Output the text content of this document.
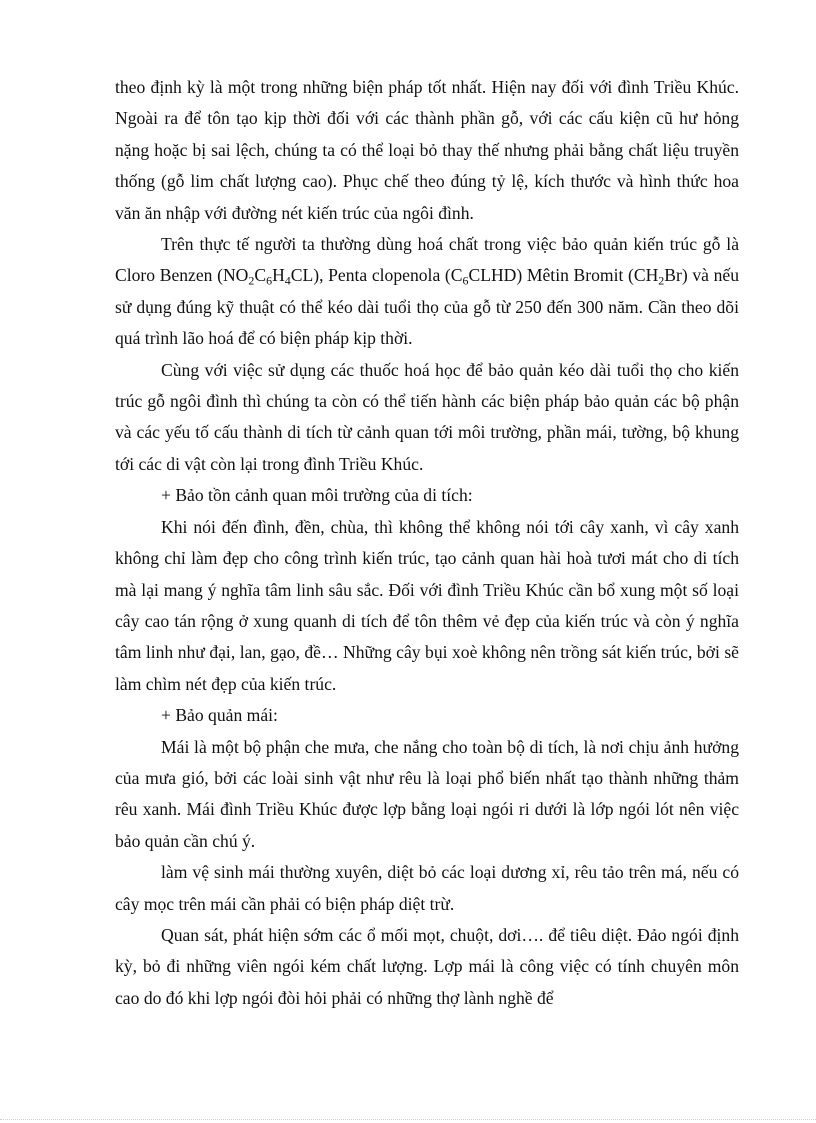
theo định kỳ là một trong những biện pháp tốt nhất. Hiện nay đối với đình Triều Khúc. Ngoài ra để tôn tạo kịp thời đối với các thành phần gỗ, với các cấu kiện cũ hư hỏng nặng hoặc bị sai lệch, chúng ta có thể loại bỏ thay thế nhưng phải bằng chất liệu truyền thống (gỗ lim chất lượng cao). Phục chế theo đúng tỷ lệ, kích thước và hình thức hoa văn ăn nhập với đường nét kiến trúc của ngôi đình.

Trên thực tế người ta thường dùng hoá chất trong việc bảo quản kiến trúc gỗ là Cloro Benzen $(NO_2C_6H_4CL)$, Penta clopenola $(C_6CLHD)$ Mêtin Bromit $(CH_2Br)$ và nếu sử dụng đúng kỹ thuật có thể kéo dài tuổi thọ của gỗ từ 250 đến 300 năm. Cần theo dõi quá trình lão hoá để có biện pháp kịp thời.

Cùng với việc sử dụng các thuốc hoá học để bảo quản kéo dài tuổi thọ cho kiến trúc gỗ ngôi đình thì chúng ta còn có thể tiến hành các biện pháp bảo quản các bộ phận và các yếu tố cấu thành di tích từ cảnh quan tới môi trường, phần mái, tường, bộ khung tới các di vật còn lại trong đình Triều Khúc.

+ Bảo tồn cảnh quan môi trường của di tích:

Khi nói đến đình, đền, chùa, thì không thể không nói tới cây xanh, vì cây xanh không chỉ làm đẹp cho công trình kiến trúc, tạo cảnh quan hài hoà tươi mát cho di tích mà lại mang ý nghĩa tâm linh sâu sắc. Đối với đình Triều Khúc cần bổ xung một số loại cây cao tán rộng ở xung quanh di tích để tôn thêm vẻ đẹp của kiến trúc và còn ý nghĩa tâm linh như đại, lan, gạo, đề… Những cây bụi xoè không nên trồng sát kiến trúc, bởi sẽ làm chìm nét đẹp của kiến trúc.

+ Bảo quản mái:

Mái là một bộ phận che mưa, che nắng cho toàn bộ di tích, là nơi chịu ảnh hưởng của mưa gió, bởi các loài sinh vật như rêu là loại phổ biến nhất tạo thành những thảm rêu xanh. Mái đình Triều Khúc được lợp bằng loại ngói ri dưới là lớp ngói lót nên việc bảo quản cần chú ý.

làm vệ sinh mái thường xuyên, diệt bỏ các loại dương xỉ, rêu tảo trên má, nếu có cây mọc trên mái cần phải có biện pháp diệt trừ.

Quan sát, phát hiện sớm các ổ mối mọt, chuột, dơi…. để tiêu diệt. Đảo ngói định kỳ, bỏ đi những viên ngói kém chất lượng. Lợp mái là công việc có tính chuyên môn cao do đó khi lợp ngói đòi hỏi phải có những thợ lành nghề để
